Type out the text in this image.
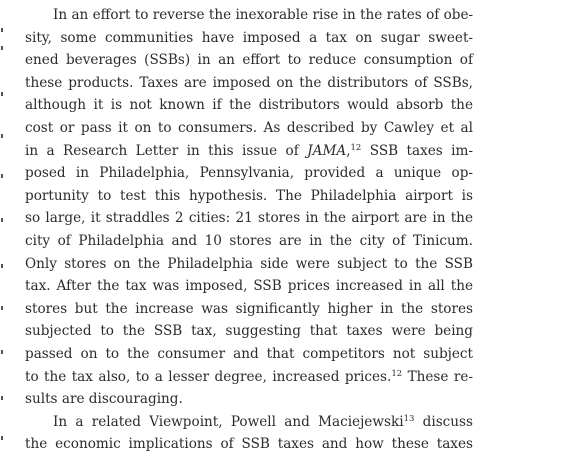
In an effort to reverse the inexorable rise in the rates of obe-
sity, some communities have imposed a tax on sugar sweet-
ened beverages (SSBs) in an effort to reduce consumption of
these products. Taxes are imposed on the distributors of SSBs,
although it is not known if the distributors would absorb the
cost or pass it on to consumers. As described by Cawley et al
in a Research Letter in this issue of JAMA,$^{12}$ SSB taxes im-
posed in Philadelphia, Pennsylvania, provided a unique op-
portunity to test this hypothesis. The Philadelphia airport is
so large, it straddles 2 cities: 21 stores in the airport are in the
city of Philadelphia and 10 stores are in the city of Tinicum.
Only stores on the Philadelphia side were subject to the SSB
tax. After the tax was imposed, SSB prices increased in all the
stores but the increase was significantly higher in the stores
subjected to the SSB tax, suggesting that taxes were being
passed on to the consumer and that competitors not subject
to the tax also, to a lesser degree, increased prices.$^{12}$ These re-
sults are discouraging.
In a related Viewpoint, Powell and Maciejewski$^{13}$ discuss
the economic implications of SSB taxes and how these taxes
